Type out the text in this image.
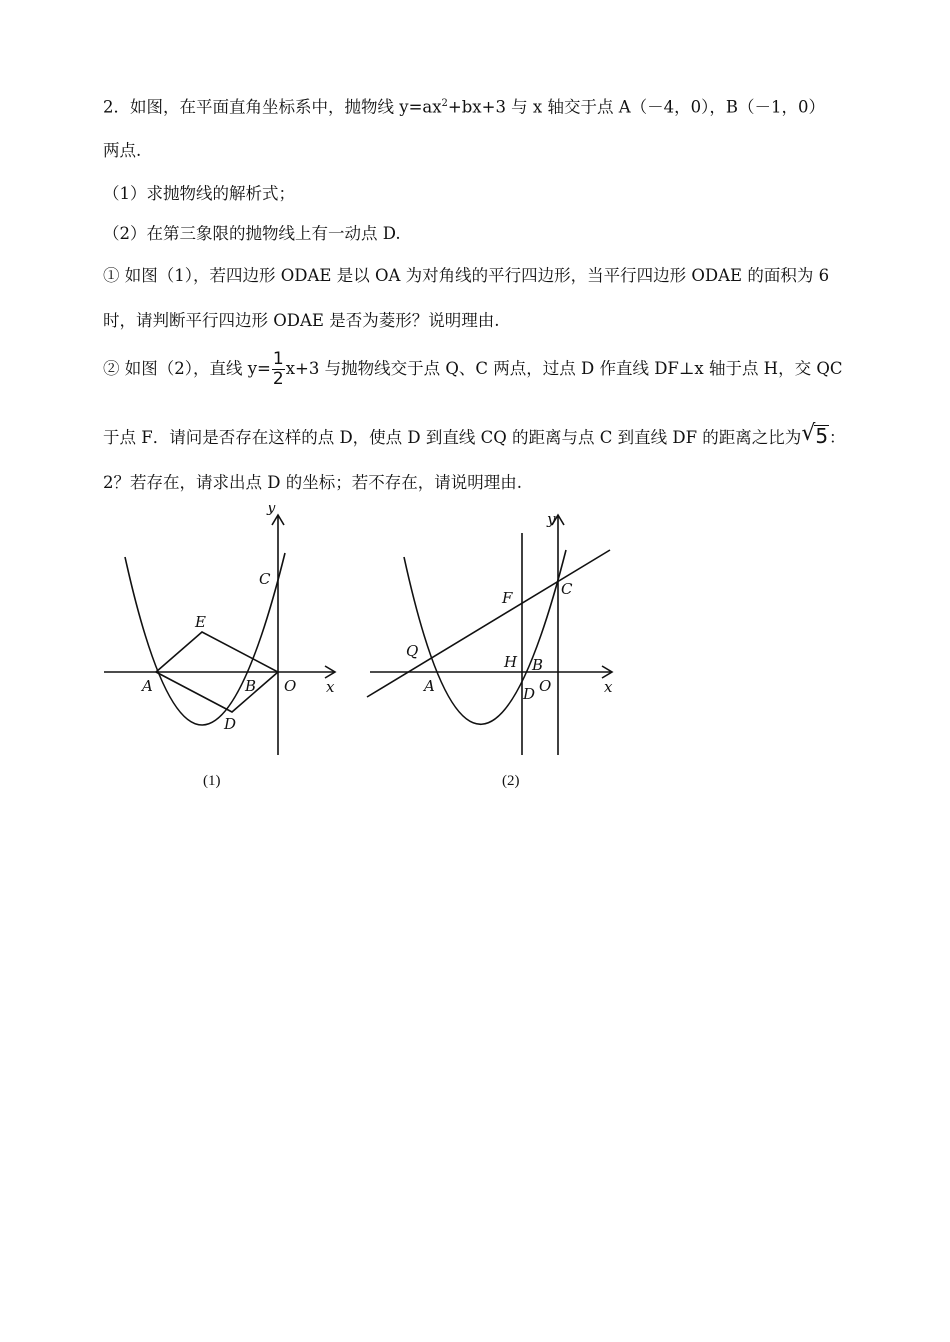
2．如图，在平面直角坐标系中，抛物线 $y=ax^2+bx+3$ 与 x 轴交于点 A（－4，0），B（－1，0）
两点.
（1）求抛物线的解析式；
（2）在第三象限的抛物线上有一动点 D.
① 如图（1），若四边形 ODAE 是以 OA 为对角线的平行四边形，当平行四边形 ODAE 的面积为 6
时，请判断平行四边形 ODAE 是否为菱形？说明理由.
② 如图（2），直线 $y= \frac{1}{2} x+3$ 与抛物线交于点 Q、C 两点，过点 D 作直线 DF⊥x 轴于点 H，交 QC
于点 F．请问是否存在这样的点 D，使点 D 到直线 CQ 的距离与点 C 到直线 DF 的距离之比为 √ 5：
2？若存在，请求出点 D 的坐标；若不存在，请说明理由.
y
x
C
E
A	B O
D
(1)
y
x
C
F
Q
H B
A	D O
(2)
